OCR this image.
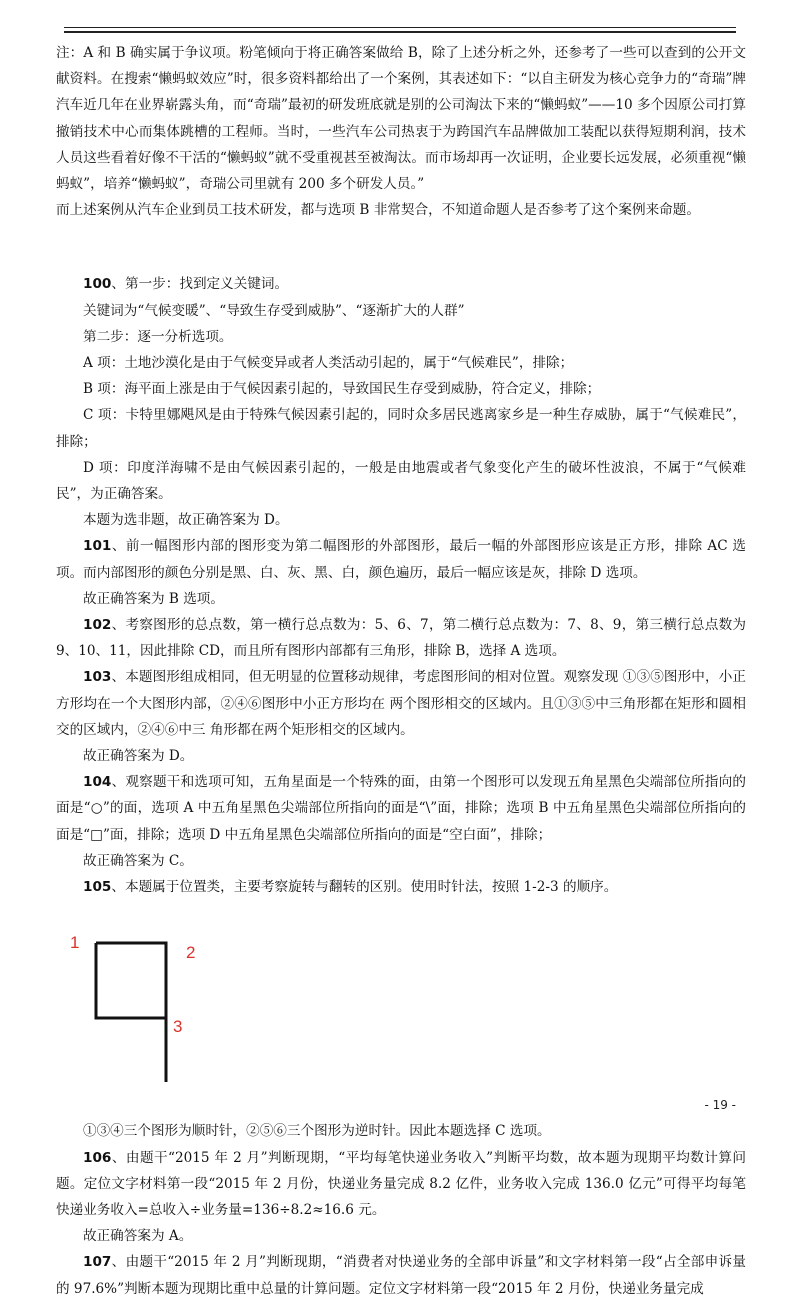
注：A 和 B 确实属于争议项。粉笔倾向于将正确答案做给 B，除了上述分析之外，还参考了一些可以查到的公开文献资料。在搜索“懒蚂蚁效应”时，很多资料都给出了一个案例，其表述如下：“以自主研发为核心竞争力的“奇瑞”牌汽车近几年在业界崭露头角，而“奇瑞”最初的研发班底就是别的公司淘汰下来的“懒蚂蚁”——10 多个因原公司打算撤销技术中心而集体跳槽的工程师。当时，一些汽车公司热衷于为跨国汽车品牌做加工装配以获得短期利润，技术人员这些看着好像不干活的“懒蚂蚁”就不受重视甚至被淘汰。而市场却再一次证明，企业要长远发展，必须重视“懒蚂蚁”，培养“懒蚂蚁”，奇瑞公司里就有 200 多个研发人员。”

而上述案例从汽车企业到员工技术研发，都与选项 B 非常契合，不知道命题人是否参考了这个案例来命题。

100、第一步：找到定义关键词。

关键词为“气候变暖”、“导致生存受到威胁”、“逐渐扩大的人群”

第二步：逐一分析选项。

A 项：土地沙漠化是由于气候变异或者人类活动引起的，属于“气候难民”，排除；

B 项：海平面上涨是由于气候因素引起的，导致国民生存受到威胁，符合定义，排除；

C 项：卡特里娜飓风是由于特殊气候因素引起的，同时众多居民逃离家乡是一种生存威胁，属于“气候难民”，排除；

D 项：印度洋海啸不是由气候因素引起的，一般是由地震或者气象变化产生的破坏性波浪，不属于“气候难民”，为正确答案。

本题为选非题，故正确答案为 D。

101、前一幅图形内部的图形变为第二幅图形的外部图形，最后一幅的外部图形应该是正方形，排除 AC 选项。而内部图形的颜色分别是黑、白、灰、黑、白，颜色遍历，最后一幅应该是灰，排除 D 选项。

故正确答案为 B 选项。

102、考察图形的总点数，第一横行总点数为：5、6、7，第二横行总点数为：7、8、9，第三横行总点数为 9、10、11，因此排除 CD，而且所有图形内部都有三角形，排除 B，选择 A 选项。

103、本题图形组成相同，但无明显的位置移动规律，考虑图形间的相对位置。观察发现 ①③⑤图形中，小正方形均在一个大图形内部，②④⑥图形中小正方形均在 两个图形相交的区域内。且①③⑤中三角形都在矩形和圆相交的区域内，②④⑥中三 角形都在两个矩形相交的区域内。

故正确答案为 D。

104、观察题干和选项可知，五角星面是一个特殊的面，由第一个图形可以发现五角星黑色尖端部位所指向的面是“○”的面，选项 A 中五角星黑色尖端部位所指向的面是“\”面，排除；选项 B 中五角星黑色尖端部位所指向的面是“□”面，排除；选项 D 中五角星黑色尖端部位所指向的面是“空白面”，排除；

故正确答案为 C。

105、本题属于位置类，主要考察旋转与翻转的区别。使用时针法，按照 1-2-3 的顺序。

1
2
3

①③④三个图形为顺时针，②⑤⑥三个图形为逆时针。因此本题选择 C 选项。

106、由题干“2015 年 2 月”判断现期，“平均每笔快递业务收入”判断平均数，故本题为现期平均数计算问题。定位文字材料第一段“2015 年 2 月份，快递业务量完成 8.2 亿件，业务收入完成 136.0 亿元”可得平均每笔快递业务收入=总收入÷业务量=136÷8.2≈16.6 元。

故正确答案为 A。

107、由题干“2015 年 2 月”判断现期，“消费者对快递业务的全部申诉量”和文字材料第一段“占全部申诉量的 97.6%”判断本题为现期比重中总量的计算问题。定位文字材料第一段“2015 年 2 月份，快递业务量完成

- 19 -
